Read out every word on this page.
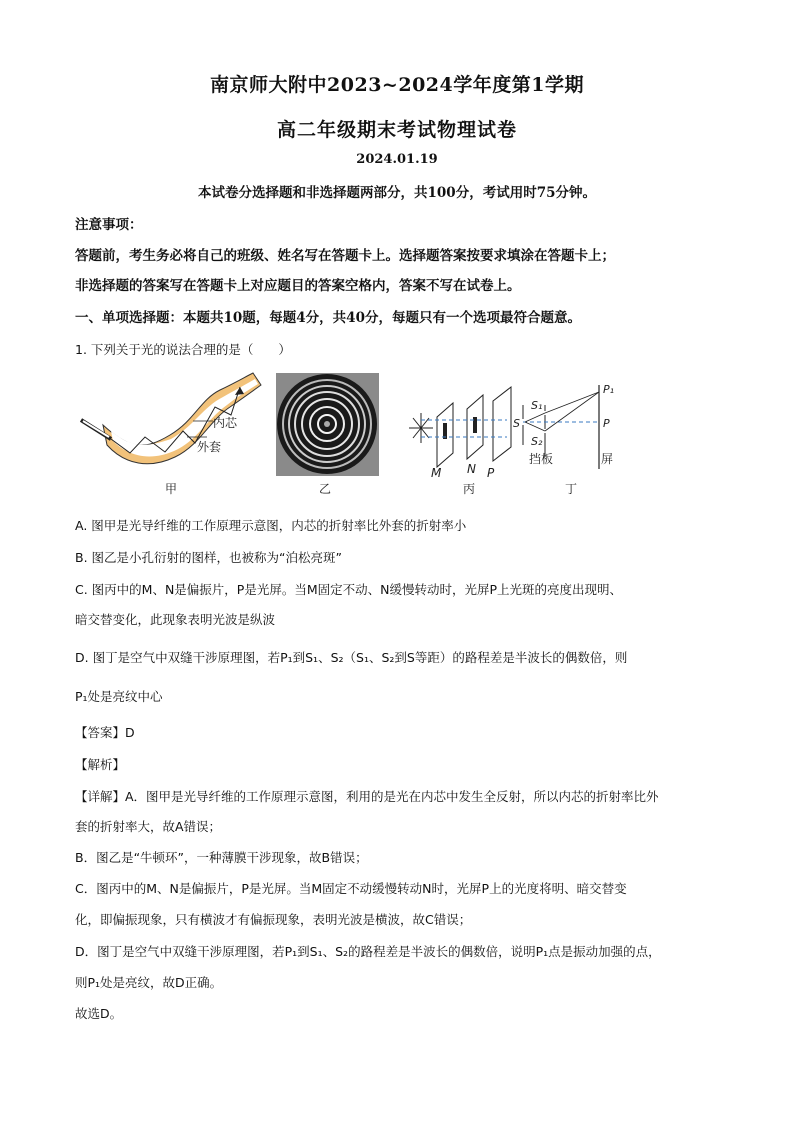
南京师大附中2023~2024学年度第1学期
高二年级期末考试物理试卷
2024.01.19
本试卷分选择题和非选择题两部分，共100分，考试用时75分钟。
注意事项：
答题前，考生务必将自己的班级、姓名写在答题卡上。选择题答案按要求填涂在答题卡上；
非选择题的答案写在答题卡上对应题目的答案空格内，答案不写在试卷上。
一、单项选择题：本题共10题，每题4分，共40分，每题只有一个选项最符合题意。
1. 下列关于光的说法合理的是（　　）
内芯
外套
甲	乙
M N P
丙
S
S₁
S₂
P₁
P
挡板	屏
丁
A. 图甲是光导纤维的工作原理示意图，内芯的折射率比外套的折射率小
B. 图乙是小孔衍射的图样，也被称为“泊松亮斑”
C. 图丙中的M、N是偏振片，P是光屏。当M固定不动、N缓慢转动时，光屏P上光斑的亮度出现明、
暗交替变化，此现象表明光波是纵波
D. 图丁是空气中双缝干涉原理图，若P₁到S₁、S₂（S₁、S₂到S等距）的路程差是半波长的偶数倍，则
P₁处是亮纹中心
【答案】D
【解析】
【详解】A．图甲是光导纤维的工作原理示意图，利用的是光在内芯中发生全反射，所以内芯的折射率比外
套的折射率大，故A错误；
B．图乙是“牛顿环”，一种薄膜干涉现象，故B错误；
C．图丙中的M、N是偏振片，P是光屏。当M固定不动缓慢转动N时，光屏P上的光度将明、暗交替变
化，即偏振现象，只有横波才有偏振现象，表明光波是横波，故C错误；
D．图丁是空气中双缝干涉原理图，若P₁到S₁、S₂的路程差是半波长的偶数倍，说明P₁点是振动加强的点，
则P₁处是亮纹，故D正确。
故选D。
